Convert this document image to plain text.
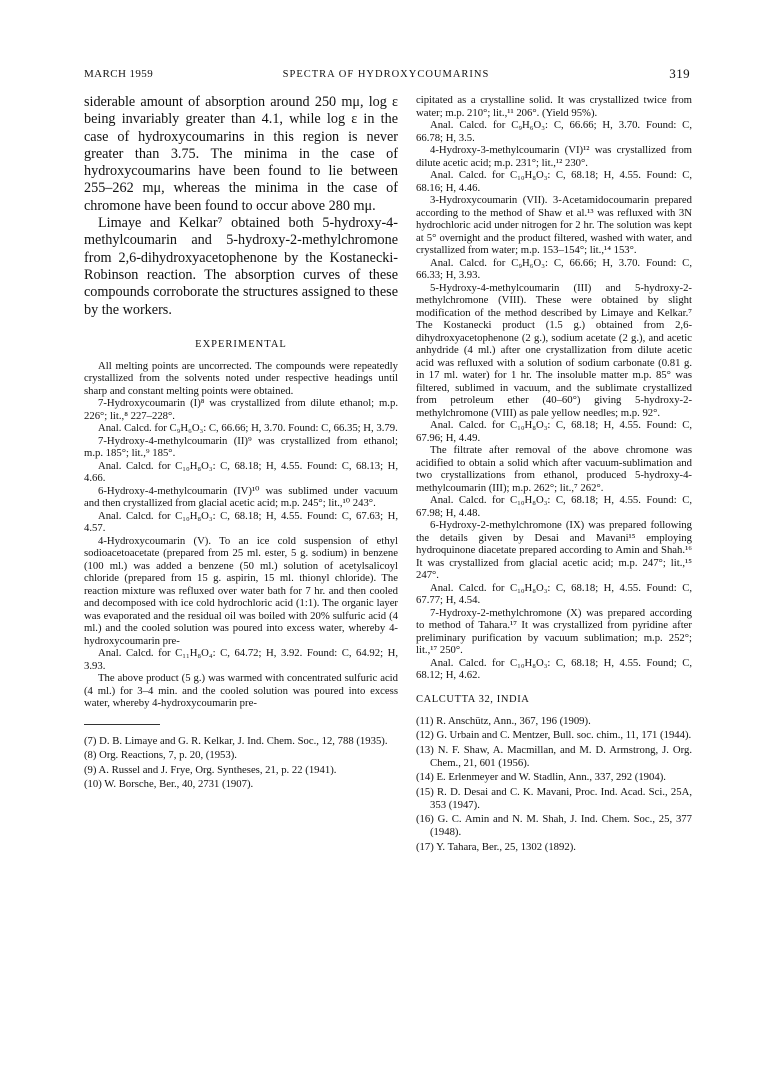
MARCH 1959	SPECTRA OF HYDROXYCOUMARINS	319

siderable amount of absorption around 250 mμ, log ε being invariably greater than 4.1, while log ε in the case of hydroxycoumarins in this region is never greater than 3.75. The minima in the case of hydroxycoumarins have been found to lie between 255–262 mμ, whereas the minima in the case of chromone have been found to occur above 280 mμ.

Limaye and Kelkar⁷ obtained both 5-hydroxy-4-methylcoumarin and 5-hydroxy-2-methylchromone from 2,6-dihydroxyacetophenone by the Kostanecki-Robinson reaction. The absorption curves of these compounds corroborate the structures assigned to these by the workers.

EXPERIMENTAL

All melting points are uncorrected. The compounds were repeatedly crystallized from the solvents noted under respective headings until sharp and constant melting points were obtained.

7-Hydroxycoumarin (I)⁸ was crystallized from dilute ethanol; m.p. 226°; lit.,⁸ 227–228°.

Anal. Calcd. for C₉H₆O₃: C, 66.66; H, 3.70. Found: C, 66.35; H, 3.79.

7-Hydroxy-4-methylcoumarin (II)⁹ was crystallized from ethanol; m.p. 185°; lit.,⁹ 185°.

Anal. Calcd. for C₁₀H₈O₃: C, 68.18; H, 4.55. Found: C, 68.13; H, 4.66.

6-Hydroxy-4-methylcoumarin (IV)¹⁰ was sublimed under vacuum and then crystallized from glacial acetic acid; m.p. 245°; lit.,¹⁰ 243°.

Anal. Calcd. for C₁₀H₈O₃: C, 68.18; H, 4.55. Found: C, 67.63; H, 4.57.

4-Hydroxycoumarin (V). To an ice cold suspension of ethyl sodioacetoacetate (prepared from 25 ml. ester, 5 g. sodium) in benzene (100 ml.) was added a benzene (50 ml.) solution of acetylsalicoyl chloride (prepared from 15 g. aspirin, 15 ml. thionyl chloride). The reaction mixture was refluxed over water bath for 7 hr. and then cooled and decomposed with ice cold hydrochloric acid (1:1). The organic layer was evaporated and the residual oil was boiled with 20% sulfuric acid (4 ml.) and the cooled solution was poured into excess water, whereby 4-hydroxycoumarin pre-

Anal. Calcd. for C₁₁H₈O₄: C, 64.72; H, 3.92. Found: C, 64.92; H, 3.93.

The above product (5 g.) was warmed with concentrated sulfuric acid (4 ml.) for 3–4 min. and the cooled solution was poured into excess water, whereby 4-hydroxycoumarin pre-

(7) D. B. Limaye and G. R. Kelkar, J. Ind. Chem. Soc., 12, 788 (1935).

(8) Org. Reactions, 7, p. 20, (1953).

(9) A. Russel and J. Frye, Org. Syntheses, 21, p. 22 (1941).

(10) W. Borsche, Ber., 40, 2731 (1907).

cipitated as a crystalline solid. It was crystallized twice from water; m.p. 210°; lit.,¹¹ 206°. (Yield 95%).

Anal. Calcd. for C₉H₆O₃: C, 66.66; H, 3.70. Found: C, 66.78; H, 3.5.

4-Hydroxy-3-methylcoumarin (VI)¹² was crystallized from dilute acetic acid; m.p. 231°; lit.,¹² 230°.

Anal. Calcd. for C₁₀H₈O₃: C, 68.18; H, 4.55. Found: C, 68.16; H, 4.46.

3-Hydroxycoumarin (VII). 3-Acetamidocoumarin prepared according to the method of Shaw et al.¹³ was refluxed with 3N hydrochloric acid under nitrogen for 2 hr. The solution was kept at 5° overnight and the product filtered, washed with water, and crystallized from water; m.p. 153–154°; lit.,¹⁴ 153°.

Anal. Calcd. for C₉H₆O₃: C, 66.66; H, 3.70. Found: C, 66.33; H, 3.93.

5-Hydroxy-4-methylcoumarin (III) and 5-hydroxy-2-methylchromone (VIII). These were obtained by slight modification of the method described by Limaye and Kelkar.⁷ The Kostanecki product (1.5 g.) obtained from 2,6-dihydroxyacetophenone (2 g.), sodium acetate (2 g.), and acetic anhydride (4 ml.) after one crystallization from dilute acetic acid was refluxed with a solution of sodium carbonate (0.81 g. in 17 ml. water) for 1 hr. The insoluble matter m.p. 85° was filtered, sublimed in vacuum, and the sublimate crystallized from petroleum ether (40–60°) giving 5-hydroxy-2-methylchromone (VIII) as pale yellow needles; m.p. 92°.

Anal. Calcd. for C₁₀H₈O₃: C, 68.18; H, 4.55. Found: C, 67.96; H, 4.49.

The filtrate after removal of the above chromone was acidified to obtain a solid which after vacuum-sublimation and two crystallizations from ethanol, produced 5-hydroxy-4-methylcoumarin (III); m.p. 262°; lit.,⁷ 262°.

Anal. Calcd. for C₁₀H₈O₃: C, 68.18; H, 4.55. Found: C, 67.98; H, 4.48.

6-Hydroxy-2-methylchromone (IX) was prepared following the details given by Desai and Mavani¹⁵ employing hydroquinone diacetate prepared according to Amin and Shah.¹⁶ It was crystallized from glacial acetic acid; m.p. 247°; lit.,¹⁵ 247°.

Anal. Calcd. for C₁₀H₈O₃: C, 68.18; H, 4.55. Found: C, 67.77; H, 4.54.

7-Hydroxy-2-methylchromone (X) was prepared according to method of Tahara.¹⁷ It was crystallized from pyridine after preliminary purification by vacuum sublimation; m.p. 252°; lit.,¹⁷ 250°.

Anal. Calcd. for C₁₀H₈O₃: C, 68.18; H, 4.55. Found; C, 68.12; H, 4.62.

CALCUTTA 32, INDIA

(11) R. Anschütz, Ann., 367, 196 (1909).

(12) G. Urbain and C. Mentzer, Bull. soc. chim., 11, 171 (1944).

(13) N. F. Shaw, A. Macmillan, and M. D. Armstrong, J. Org. Chem., 21, 601 (1956).

(14) E. Erlenmeyer and W. Stadlin, Ann., 337, 292 (1904).

(15) R. D. Desai and C. K. Mavani, Proc. Ind. Acad. Sci., 25A, 353 (1947).

(16) G. C. Amin and N. M. Shah, J. Ind. Chem. Soc., 25, 377 (1948).

(17) Y. Tahara, Ber., 25, 1302 (1892).
